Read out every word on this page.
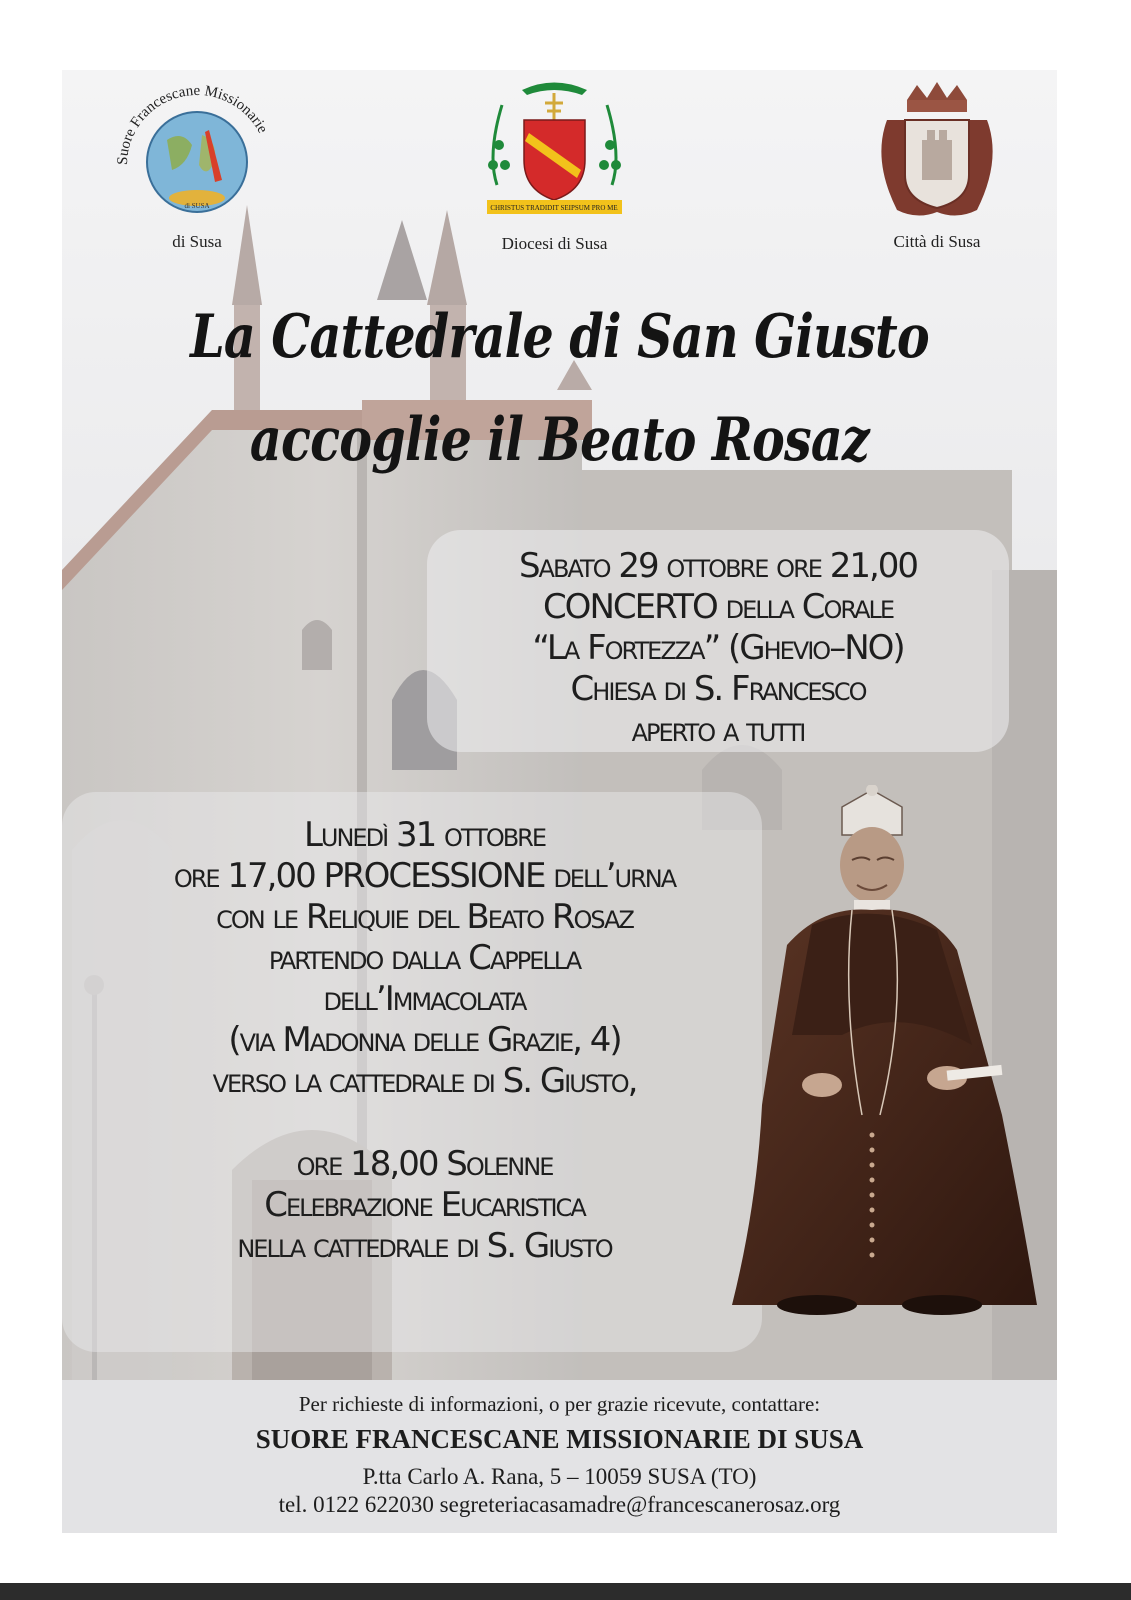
Suore Francescane Missionarie
di SUSA
di Susa
CHRISTUS TRADIDIT SEIPSUM PRO ME
Diocesi di Susa	Città di Susa
La Cattedrale di San Giusto
accoglie il Beato Rosaz
Sabato 29 ottobre ore 21,00
CONCERTO della Corale
“La Fortezza” (Ghevio–NO)
Chiesa di S. Francesco
aperto a tutti
Lunedì 31 ottobre
ore 17,00 PROCESSIONE dell’urna
con le Reliquie del Beato Rosaz
partendo dalla Cappella
dell’Immacolata
(via Madonna delle Grazie, 4)
verso la cattedrale di S. Giusto,
ore 18,00 Solenne
Celebrazione Eucaristica
nella cattedrale di S. Giusto
Per richieste di informazioni, o per grazie ricevute, contattare:
SUORE FRANCESCANE MISSIONARIE DI SUSA
P.tta Carlo A. Rana, 5 – 10059 SUSA (TO)
tel. 0122 622030 segreteriacasamadre@francescanerosaz.org
